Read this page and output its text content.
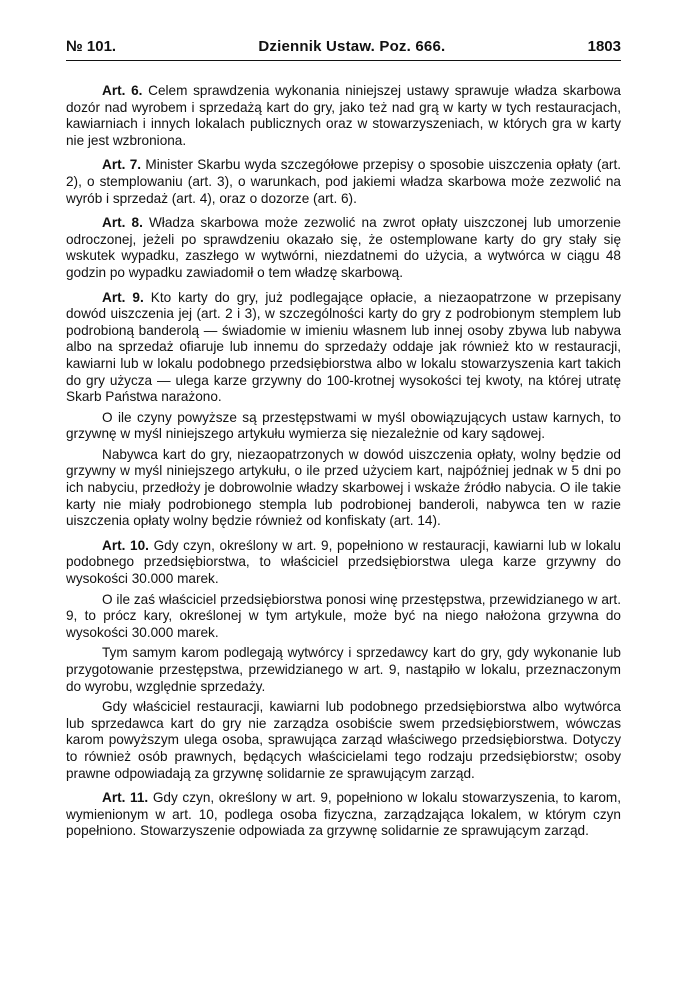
№ 101.	Dziennik Ustaw. Poz. 666.	1803

Art. 6. Celem sprawdzenia wykonania niniejszej ustawy sprawuje władza skarbowa dozór nad wyrobem i sprzedażą kart do gry, jako też nad grą w karty w tych restauracjach, kawiarniach i innych lokalach publicznych oraz w stowarzyszeniach, w których gra w karty nie jest wzbroniona.

Art. 7. Minister Skarbu wyda szczegółowe przepisy o sposobie uiszczenia opłaty (art. 2), o stemplowaniu (art. 3), o warunkach, pod jakiemi władza skarbowa może zezwolić na wyrób i sprzedaż (art. 4), oraz o dozorze (art. 6).

Art. 8. Władza skarbowa może zezwolić na zwrot opłaty uiszczonej lub umorzenie odroczonej, jeżeli po sprawdzeniu okazało się, że ostemplowane karty do gry stały się wskutek wypadku, zaszłego w wytwórni, niezdatnemi do użycia, a wytwórca w ciągu 48 godzin po wypadku zawiadomił o tem władzę skarbową.

Art. 9. Kto karty do gry, już podlegające opłacie, a niezaopatrzone w przepisany dowód uiszczenia jej (art. 2 i 3), w szczególności karty do gry z podrobionym stemplem lub podrobioną banderolą — świadomie w imieniu własnem lub innej osoby zbywa lub nabywa albo na sprzedaż ofiaruje lub innemu do sprzedaży oddaje jak również kto w restauracji, kawiarni lub w lokalu podobnego przedsiębiorstwa albo w lokalu stowarzyszenia kart takich do gry użycza — ulega karze grzywny do 100-krotnej wysokości tej kwoty, na której utratę Skarb Państwa narażono.

O ile czyny powyższe są przestępstwami w myśl obowiązujących ustaw karnych, to grzywnę w myśl niniejszego artykułu wymierza się niezależnie od kary sądowej.

Nabywca kart do gry, niezaopatrzonych w dowód uiszczenia opłaty, wolny będzie od grzywny w myśl niniejszego artykułu, o ile przed użyciem kart, najpóźniej jednak w 5 dni po ich nabyciu, przedłoży je dobrowolnie władzy skarbowej i wskaże źródło nabycia. O ile takie karty nie miały podrobionego stempla lub podrobionej banderoli, nabywca ten w razie uiszczenia opłaty wolny będzie również od konfiskaty (art. 14).

Art. 10. Gdy czyn, określony w art. 9, popełniono w restauracji, kawiarni lub w lokalu podobnego przedsiębiorstwa, to właściciel przedsiębiorstwa ulega karze grzywny do wysokości 30.000 marek.

O ile zaś właściciel przedsiębiorstwa ponosi winę przestępstwa, przewidzianego w art. 9, to prócz kary, określonej w tym artykule, może być na niego nałożona grzywna do wysokości 30.000 marek.

Tym samym karom podlegają wytwórcy i sprzedawcy kart do gry, gdy wykonanie lub przygotowanie przestępstwa, przewidzianego w art. 9, nastąpiło w lokalu, przeznaczonym do wyrobu, względnie sprzedaży.

Gdy właściciel restauracji, kawiarni lub podobnego przedsiębiorstwa albo wytwórca lub sprzedawca kart do gry nie zarządza osobiście swem przedsiębiorstwem, wówczas karom powyższym ulega osoba, sprawująca zarząd właściwego przedsiębiorstwa. Dotyczy to również osób prawnych, będących właścicielami tego rodzaju przedsiębiorstw; osoby prawne odpowiadają za grzywnę solidarnie ze sprawującym zarząd.

Art. 11. Gdy czyn, określony w art. 9, popełniono w lokalu stowarzyszenia, to karom, wymienionym w art. 10, podlega osoba fizyczna, zarządzająca lokalem, w którym czyn popełniono. Stowarzyszenie odpowiada za grzywnę solidarnie ze sprawującym zarząd.
